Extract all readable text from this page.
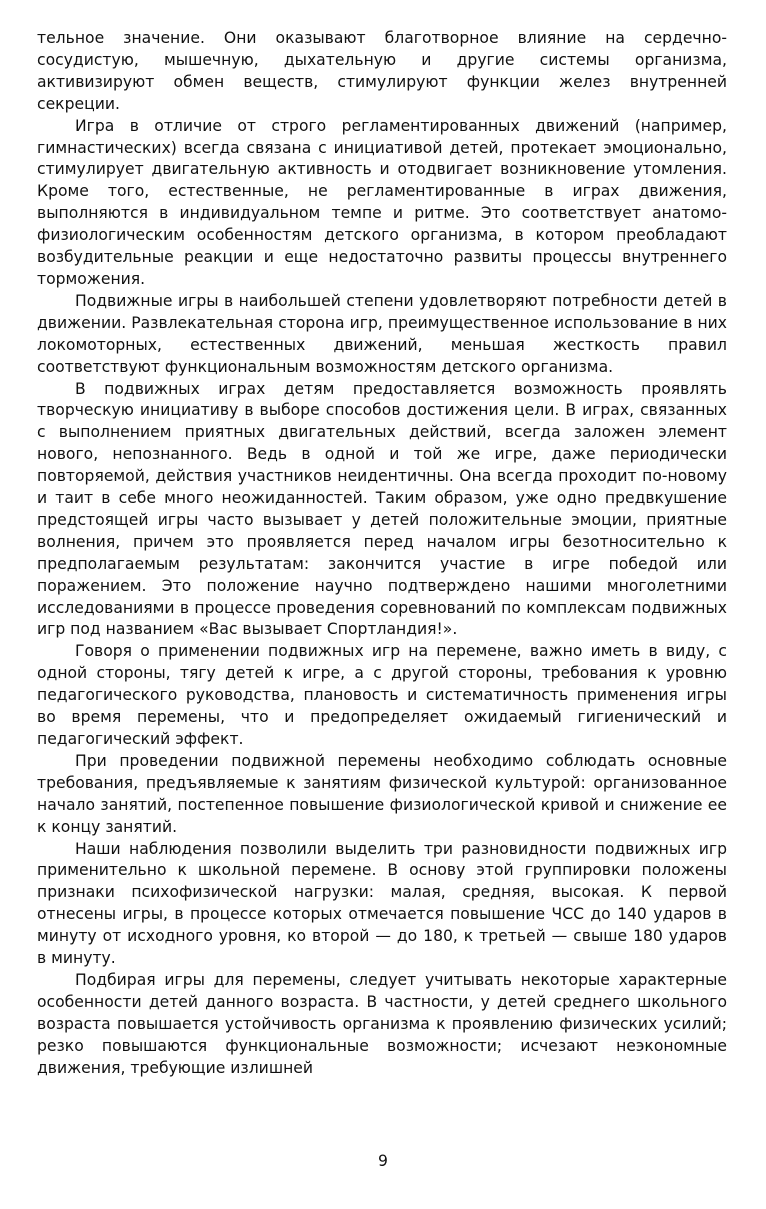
тельное значение. Они оказывают благотворное влияние на сердечно-сосудистую, мышечную, дыхательную и другие системы организма, активизируют обмен веществ, стимулируют функции желез внутренней секреции.

Игра в отличие от строго регламентированных движений (например, гимнастических) всегда связана с инициативой детей, протекает эмоционально, стимулирует двигательную активность и отодвигает возникновение утомления. Кроме того, естественные, не регламентированные в играх движения, выполняются в индивидуальном темпе и ритме. Это соответствует анатомо-физиологическим особенностям детского организма, в котором преобладают возбудительные реакции и еще недостаточно развиты процессы внутреннего торможения.

Подвижные игры в наибольшей степени удовлетворяют потребности детей в движении. Развлекательная сторона игр, преимущественное использование в них локомоторных, естественных движений, меньшая жесткость правил соответствуют функциональным возможностям детского организма.

В подвижных играх детям предоставляется возможность проявлять творческую инициативу в выборе способов достижения цели. В играх, связанных с выполнением приятных двигательных действий, всегда заложен элемент нового, непознанного. Ведь в одной и той же игре, даже периодически повторяемой, действия участников неидентичны. Она всегда проходит по-новому и таит в себе много неожиданностей. Таким образом, уже одно предвкушение предстоящей игры часто вызывает у детей положительные эмоции, приятные волнения, причем это проявляется перед началом игры безотносительно к предполагаемым результатам: закончится участие в игре победой или поражением. Это положение научно подтверждено нашими многолетними исследованиями в процессе проведения соревнований по комплексам подвижных игр под названием «Вас вызывает Спортландия!».

Говоря о применении подвижных игр на перемене, важно иметь в виду, с одной стороны, тягу детей к игре, а с другой стороны, требования к уровню педагогического руководства, плановость и систематичность применения игры во время перемены, что и предопределяет ожидаемый гигиенический и педагогический эффект.

При проведении подвижной перемены необходимо соблюдать основные требования, предъявляемые к занятиям физической культурой: организованное начало занятий, постепенное повышение физиологической кривой и снижение ее к концу занятий.

Наши наблюдения позволили выделить три разновидности подвижных игр применительно к школьной перемене. В основу этой группировки положены признаки психофизической нагрузки: малая, средняя, высокая. К первой отнесены игры, в процессе которых отмечается повышение ЧСС до 140 ударов в минуту от исходного уровня, ко второй — до 180, к третьей — свыше 180 ударов в минуту.

Подбирая игры для перемены, следует учитывать некоторые характерные особенности детей данного возраста. В частности, у детей среднего школьного возраста повышается устойчивость организма к проявлению физических усилий; резко повышаются функциональные возможности; исчезают неэкономные движения, требующие излишней

9
